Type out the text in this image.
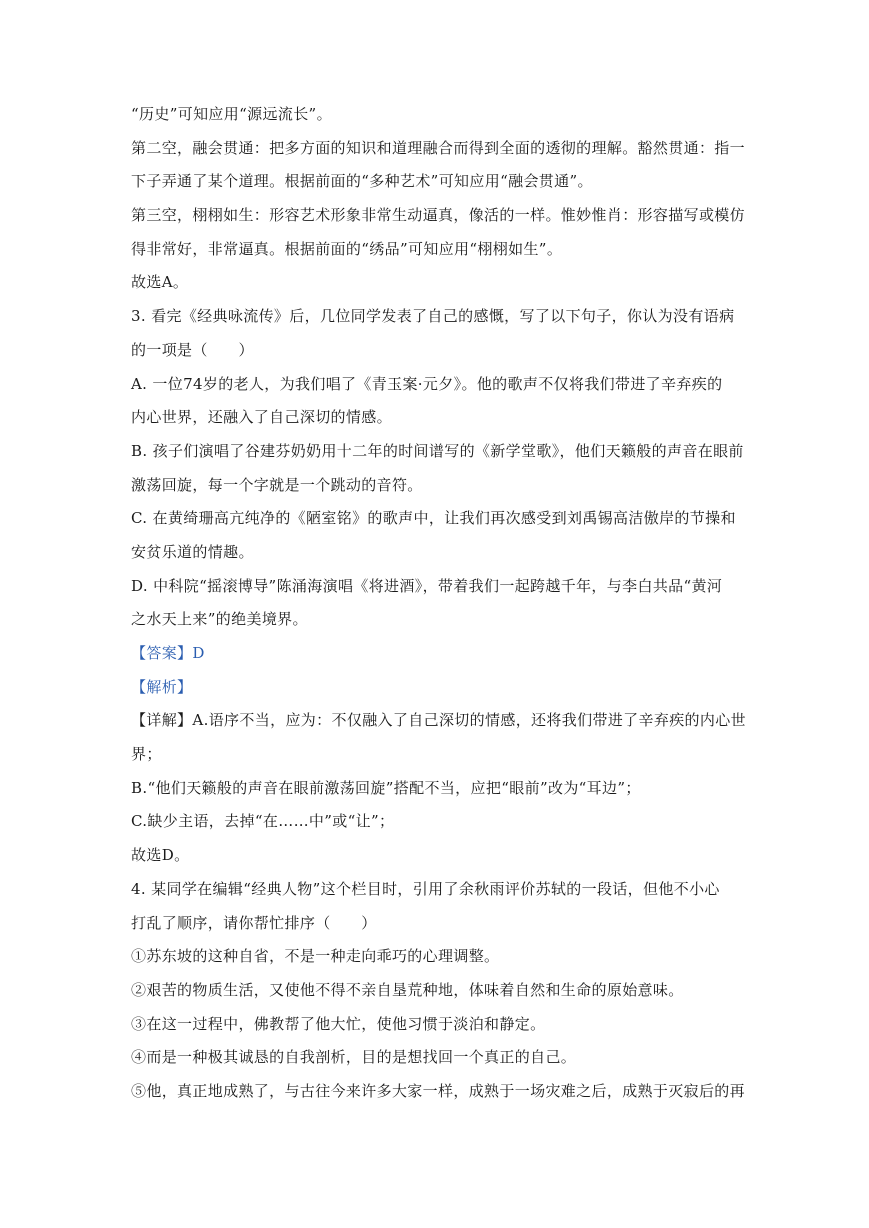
“历史”可知应用“源远流长”。
第二空，融会贯通：把多方面的知识和道理融合而得到全面的透彻的理解。豁然贯通：指一
下子弄通了某个道理。根据前面的“多种艺术”可知应用“融会贯通”。
第三空，栩栩如生：形容艺术形象非常生动逼真，像活的一样。惟妙惟肖：形容描写或模仿
得非常好，非常逼真。根据前面的“绣品”可知应用“栩栩如生”。
故选A。
3. 看完《经典咏流传》后，几位同学发表了自己的感慨，写了以下句子，你认为没有语病
的一项是（　　）
A. 一位74岁的老人，为我们唱了《青玉案·元夕》。他的歌声不仅将我们带进了辛弃疾的
内心世界，还融入了自己深切的情感。
B. 孩子们演唱了谷建芬奶奶用十二年的时间谱写的《新学堂歌》，他们天籁般的声音在眼前
激荡回旋，每一个字就是一个跳动的音符。
C. 在黄绮珊高亢纯净的《陋室铭》的歌声中，让我们再次感受到刘禹锡高洁傲岸的节操和
安贫乐道的情趣。
D. 中科院“摇滚博导”陈涌海演唱《将进酒》，带着我们一起跨越千年，与李白共品“黄河
之水天上来”的绝美境界。
【答案】D
【解析】
【详解】A.语序不当，应为：不仅融入了自己深切的情感，还将我们带进了辛弃疾的内心世
界；
B.“他们天籁般的声音在眼前激荡回旋”搭配不当，应把“眼前”改为“耳边”；
C.缺少主语，去掉“在……中”或“让”；
故选D。
4. 某同学在编辑“经典人物”这个栏目时，引用了余秋雨评价苏轼的一段话，但他不小心
打乱了顺序，请你帮忙排序（　　）
①苏东坡的这种自省，不是一种走向乖巧的心理调整。
②艰苦的物质生活，又使他不得不亲自垦荒种地，体味着自然和生命的原始意味。
③在这一过程中，佛教帮了他大忙，使他习惯于淡泊和静定。
④而是一种极其诚恳的自我剖析，目的是想找回一个真正的自己。
⑤他，真正地成熟了，与古往今来许多大家一样，成熟于一场灾难之后，成熟于灭寂后的再
